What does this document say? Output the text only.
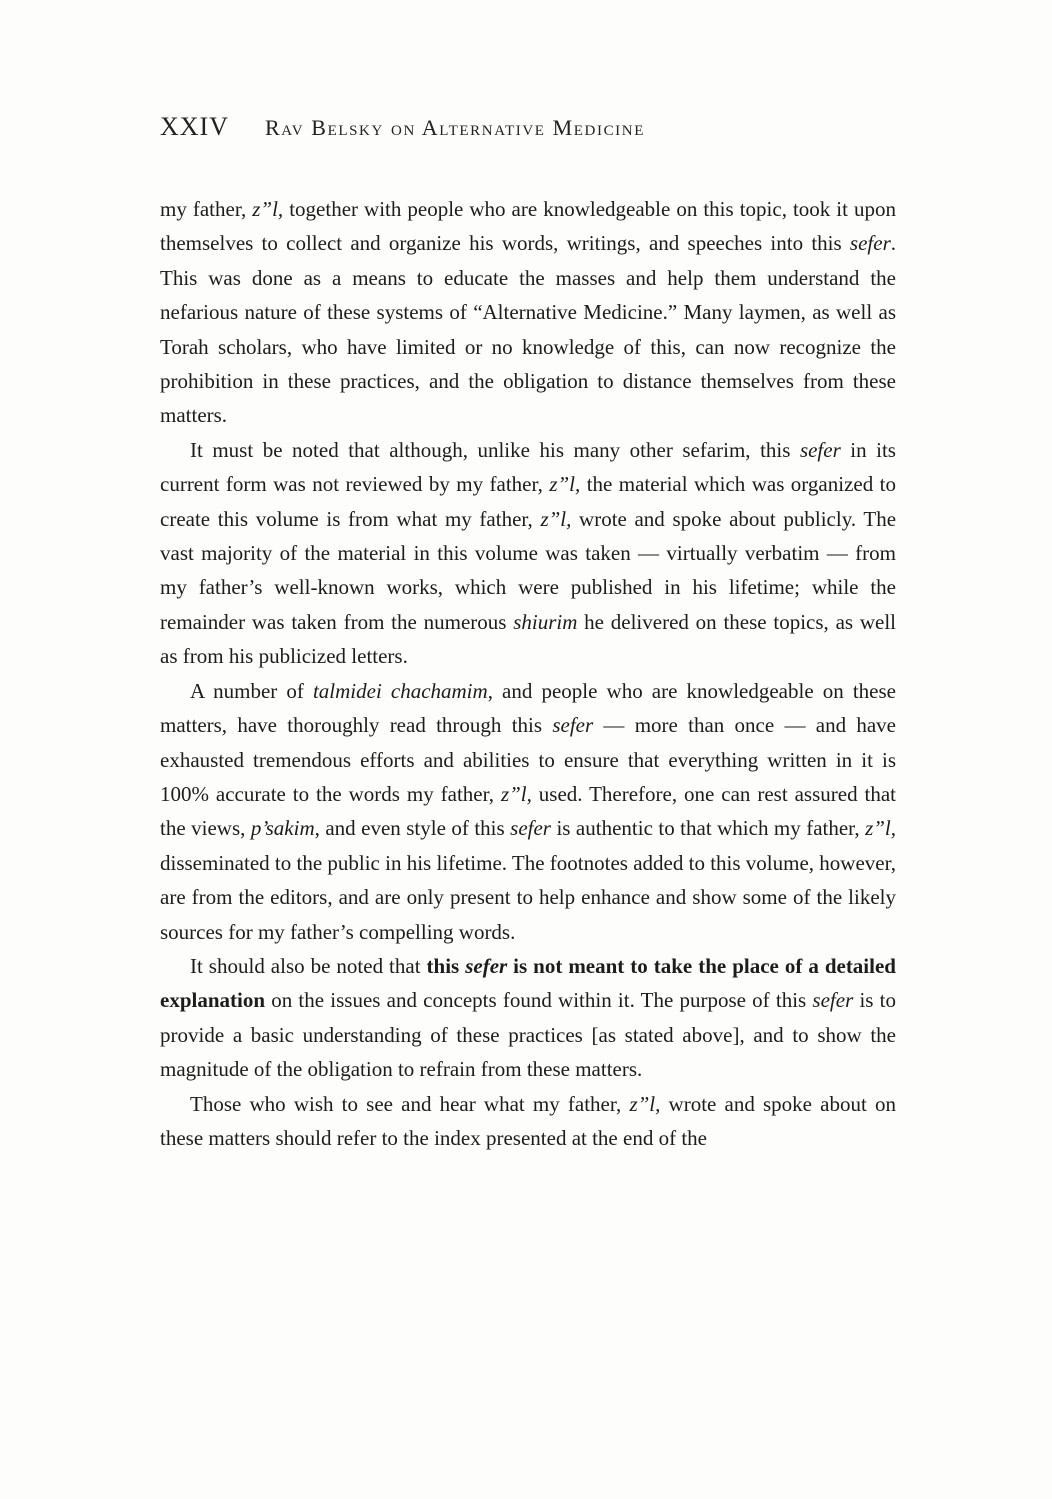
XXIV Rav Belsky on Alternative Medicine

my father, z”l, together with people who are knowledgeable on this topic, took it upon themselves to collect and organize his words, writings, and speeches into this sefer. This was done as a means to educate the masses and help them understand the nefarious nature of these systems of “Alternative Medicine.” Many laymen, as well as Torah scholars, who have limited or no knowledge of this, can now recognize the prohibition in these practices, and the obligation to distance themselves from these matters.

It must be noted that although, unlike his many other sefarim, this sefer in its current form was not reviewed by my father, z”l, the material which was organized to create this volume is from what my father, z”l, wrote and spoke about publicly. The vast majority of the material in this volume was taken — virtually verbatim — from my father’s well-known works, which were published in his lifetime; while the remainder was taken from the numerous shiurim he delivered on these topics, as well as from his publicized letters.

A number of talmidei chachamim, and people who are knowledgeable on these matters, have thoroughly read through this sefer — more than once — and have exhausted tremendous efforts and abilities to ensure that everything written in it is 100% accurate to the words my father, z”l, used. Therefore, one can rest assured that the views, p’sakim, and even style of this sefer is authentic to that which my father, z”l, disseminated to the public in his lifetime. The footnotes added to this volume, however, are from the editors, and are only present to help enhance and show some of the likely sources for my father’s compelling words.

It should also be noted that this sefer is not meant to take the place of a detailed explanation on the issues and concepts found within it. The purpose of this sefer is to provide a basic understanding of these practices [as stated above], and to show the magnitude of the obligation to refrain from these matters.

Those who wish to see and hear what my father, z”l, wrote and spoke about on these matters should refer to the index presented at the end of the
